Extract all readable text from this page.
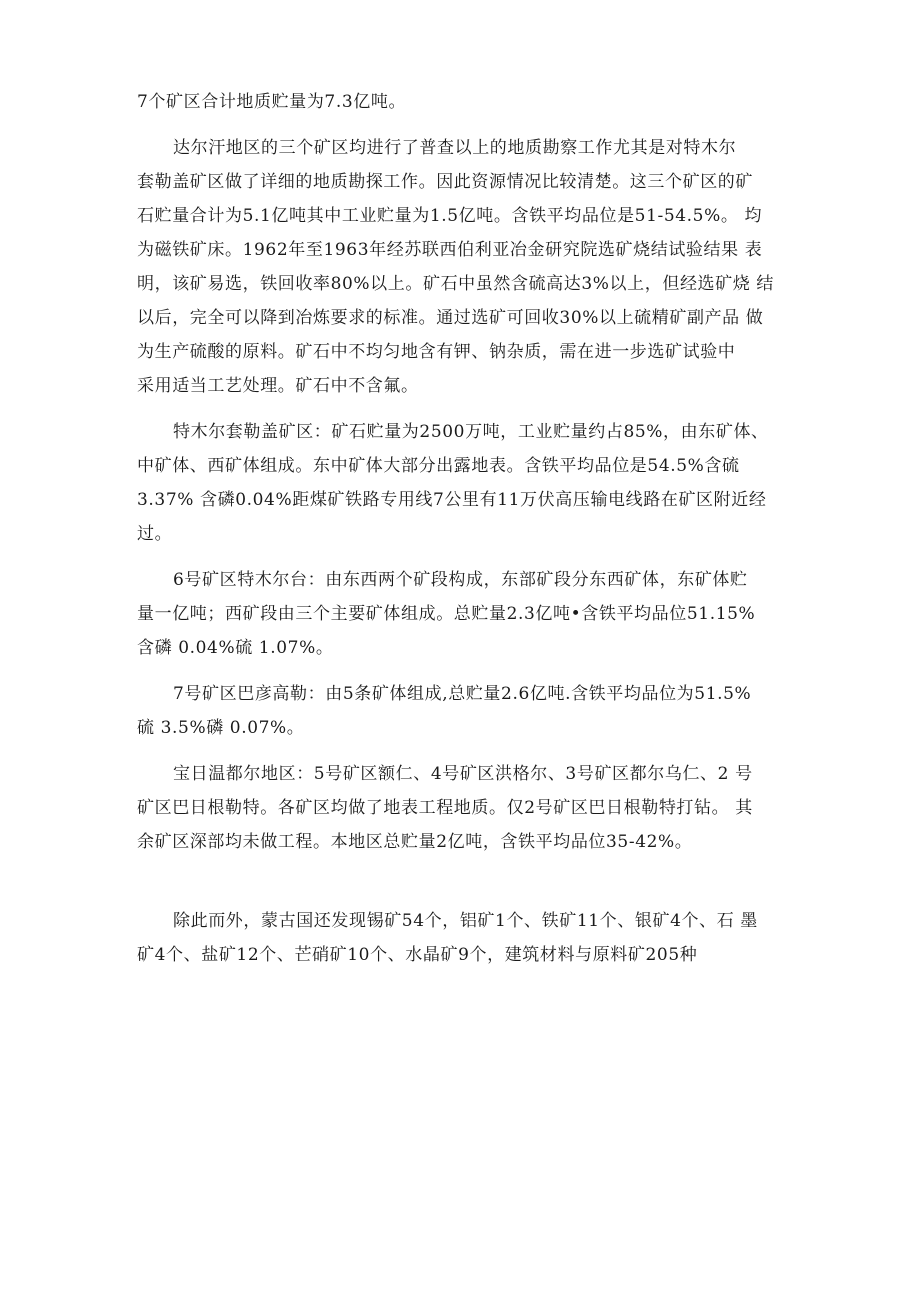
7个矿区合计地质贮量为7.3亿吨。
达尔汗地区的三个矿区均进行了普查以上的地质勘察工作尤其是对特木尔
套勒盖矿区做了详细的地质勘探工作。因此资源情况比较清楚。这三个矿区的矿
石贮量合计为5.1亿吨其中工业贮量为1.5亿吨。含铁平均品位是51-54.5%。 均
为磁铁矿床。1962年至1963年经苏联西伯利亚冶金研究院选矿烧结试验结果 表
明，该矿易选，铁回收率80%以上。矿石中虽然含硫高达3%以上，但经选矿烧 结
以后，完全可以降到冶炼要求的标准。通过选矿可回收30%以上硫精矿副产品 做
为生产硫酸的原料。矿石中不均匀地含有钾、钠杂质，需在进一步选矿试验中
采用适当工艺处理。矿石中不含氟。
特木尔套勒盖矿区：矿石贮量为2500万吨，工业贮量约占85%，由东矿体、
中矿体、西矿体组成。东中矿体大部分出露地表。含铁平均品位是54.5%含硫
3.37% 含磷0.04%距煤矿铁路专用线7公里有11万伏高压输电线路在矿区附近经
过。
6号矿区特木尔台：由东西两个矿段构成，东部矿段分东西矿体，东矿体贮
量一亿吨；西矿段由三个主要矿体组成。总贮量2.3亿吨•含铁平均品位51.15%
含磷 0.04%硫 1.07%。
7号矿区巴彦高勒：由5条矿体组成,总贮量2.6亿吨.含铁平均品位为51.5%
硫 3.5%磷 0.07%。
宝日温都尔地区：5号矿区额仁、4号矿区洪格尔、3号矿区都尔乌仁、2 号
矿区巴日根勒特。各矿区均做了地表工程地质。仅2号矿区巴日根勒特打钻。 其
余矿区深部均未做工程。本地区总贮量2亿吨，含铁平均品位35-42%。
除此而外，蒙古国还发现锡矿54个，铝矿1个、铁矿11个、银矿4个、石 墨
矿4个、盐矿12个、芒硝矿10个、水晶矿9个，建筑材料与原料矿205种
